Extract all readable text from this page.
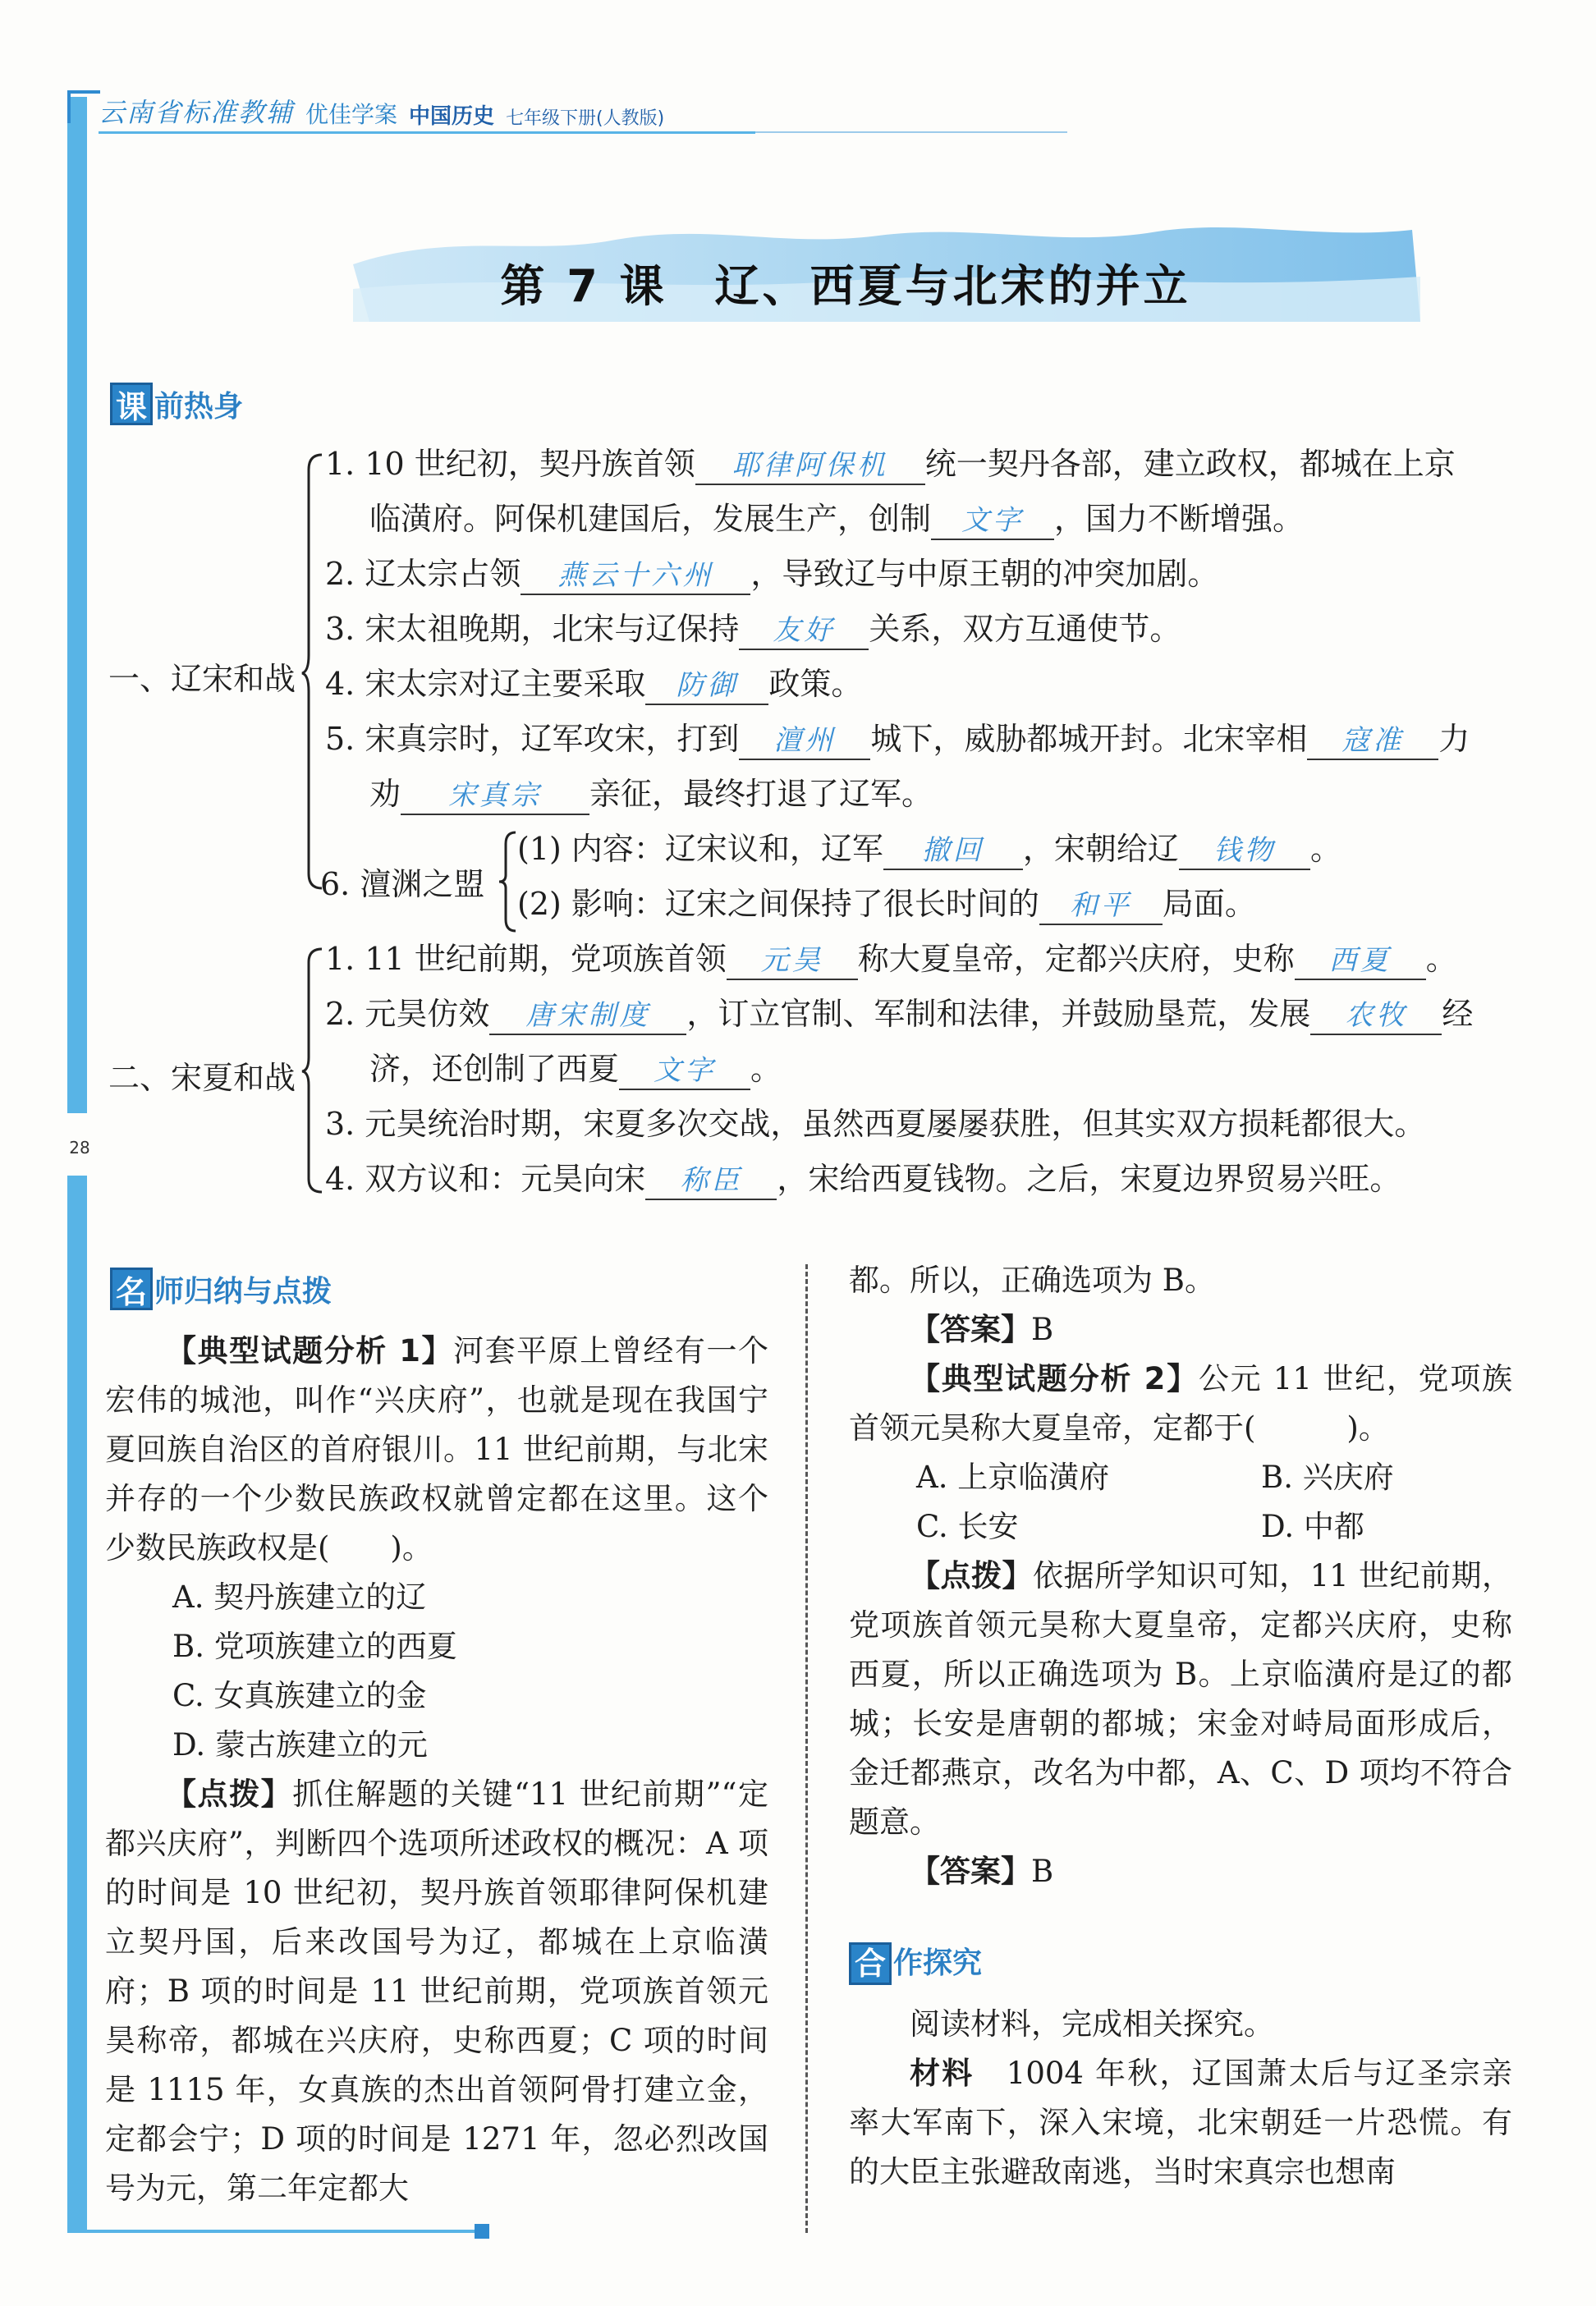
28
云南省标准教辅 优佳学案 中国历史 七年级下册(人教版)
第 7 课　辽、西夏与北宋的并立
课 前热身
一、辽宋和战
1. 10 世纪初，契丹族首领 耶律阿保机 统一契丹各部，建立政权，都城在上京
临潢府。阿保机建国后，发展生产，创制 文字 ，国力不断增强。
2. 辽太宗占领 燕云十六州 ，导致辽与中原王朝的冲突加剧。
3. 宋太祖晚期，北宋与辽保持 友好 关系，双方互通使节。
4. 宋太宗对辽主要采取 防御 政策。
5. 宋真宗时，辽军攻宋，打到 澶州 城下，威胁都城开封。北宋宰相 寇准 力
劝 宋真宗 亲征，最终打退了辽军。
6. 澶渊之盟
(1) 内容：辽宋议和，辽军 撤回 ，宋朝给辽 钱物 。
(2) 影响：辽宋之间保持了很长时间的 和平 局面。
二、宋夏和战
1. 11 世纪前期，党项族首领 元昊 称大夏皇帝，定都兴庆府，史称 西夏 。
2. 元昊仿效 唐宋制度 ，订立官制、军制和法律，并鼓励垦荒，发展 农牧 经
济，还创制了西夏 文字 。
3. 元昊统治时期，宋夏多次交战，虽然西夏屡屡获胜，但其实双方损耗都很大。
4. 双方议和：元昊向宋 称臣 ，宋给西夏钱物。之后，宋夏边界贸易兴旺。
名 师归纳与点拨

【典型试题分析 1】河套平原上曾经有一个宏伟的城池，叫作“兴庆府”，也就是现在我国宁夏回族自治区的首府银川。11 世纪前期，与北宋并存的一个少数民族政权就曾定都在这里。这个少数民族政权是(　　)。

A. 契丹族建立的辽

B. 党项族建立的西夏

C. 女真族建立的金

D. 蒙古族建立的元

【点拨】抓住解题的关键“11 世纪前期”“定都兴庆府”，判断四个选项所述政权的概况：A 项的时间是 10 世纪初，契丹族首领耶律阿保机建立契丹国，后来改国号为辽，都城在上京临潢府；B 项的时间是 11 世纪前期，党项族首领元昊称帝，都城在兴庆府，史称西夏；C 项的时间是 1115 年，女真族的杰出首领阿骨打建立金，定都会宁；D 项的时间是 1271 年，忽必烈改国号为元，第二年定都大

都。所以，正确选项为 B。

【答案】B

【典型试题分析 2】公元 11 世纪，党项族首领元昊称大夏皇帝，定都于(　　　)。

A. 上京临潢府	B. 兴庆府

C. 长安	D. 中都

【点拨】依据所学知识可知，11 世纪前期，党项族首领元昊称大夏皇帝，定都兴庆府，史称西夏，所以正确选项为 B。上京临潢府是辽的都城；长安是唐朝的都城；宋金对峙局面形成后，金迁都燕京，改名为中都，A、C、D 项均不符合题意。

【答案】B

合 作探究

阅读材料，完成相关探究。

材料　 1004 年秋，辽国萧太后与辽圣宗亲率大军南下，深入宋境，北宋朝廷一片恐慌。有的大臣主张避敌南逃，当时宋真宗也想南
